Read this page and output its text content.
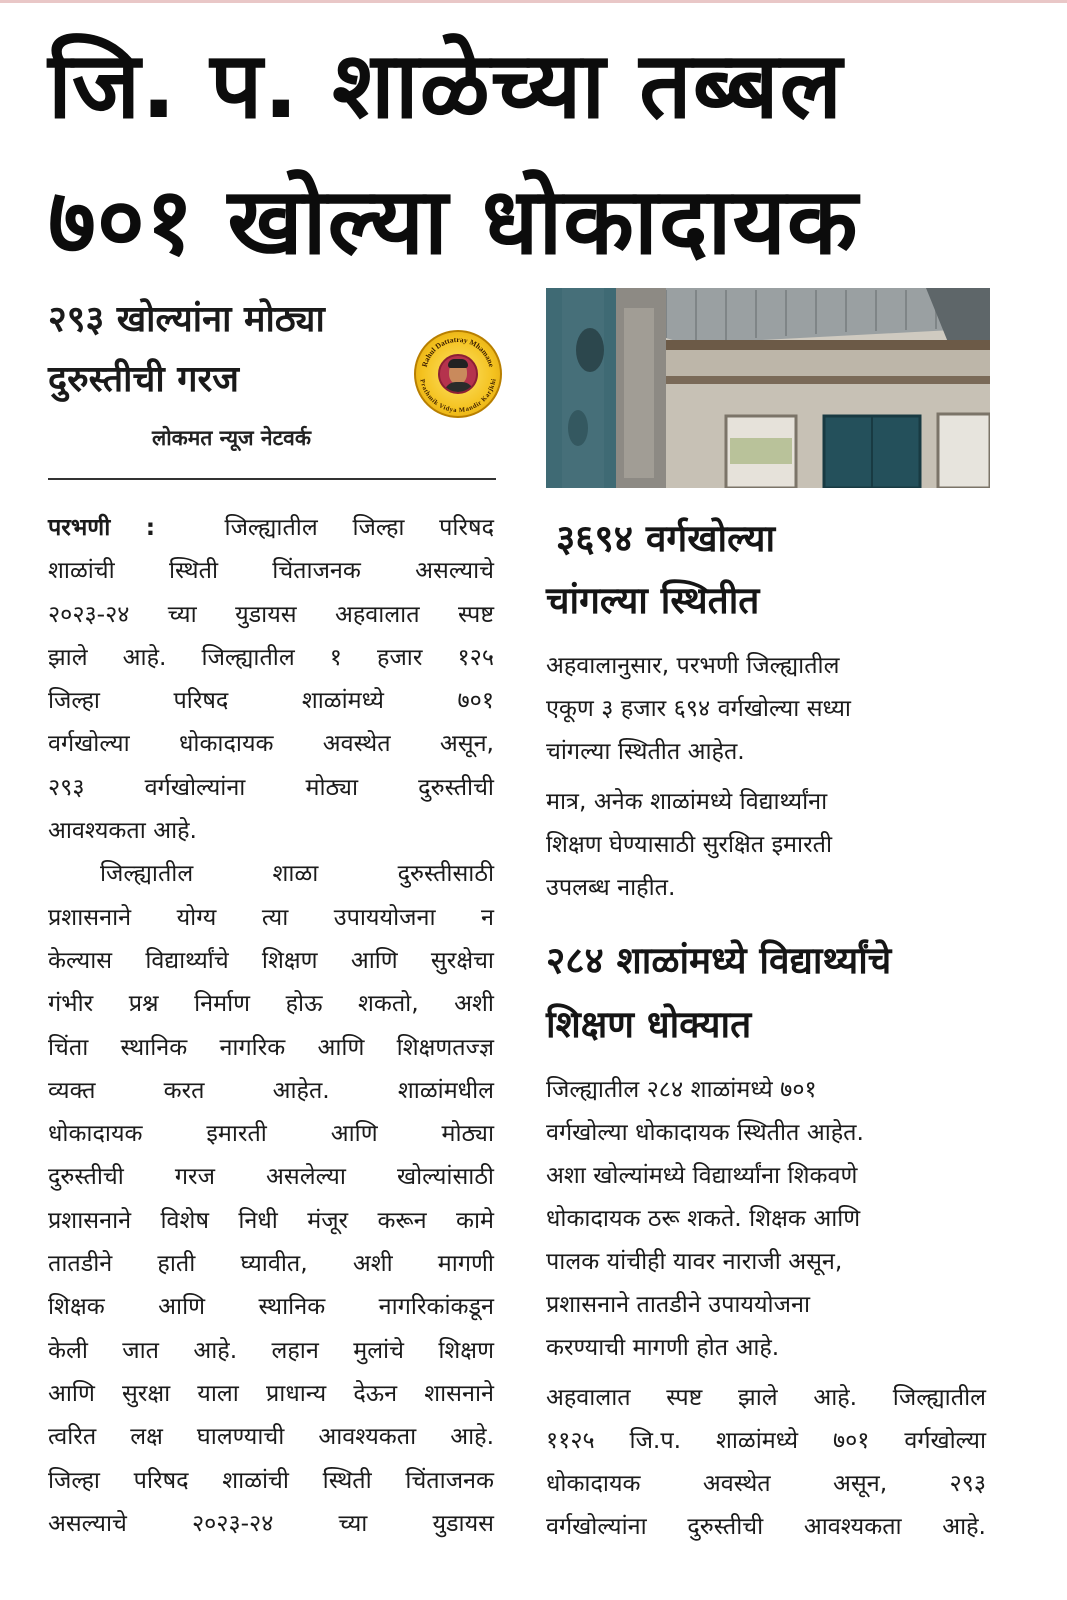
जि. प. शाळेच्या तब्बल
७०१ खोल्या धोकादायक
२९३ खोल्यांना मोठ्या
दुरुस्तीची गरज	Rahul Dattatray Mhamane
Prathmik Vidya Mandir Karjkhi
लोकमत न्यूज नेटवर्क
परभणी :	जिल्ह्यातील जिल्हा परिषद
शाळांची स्थिती चिंताजनक असल्याचे
२०२३-२४ च्या युडायस अहवालात स्पष्ट
झाले आहे. जिल्ह्यातील १ हजार १२५
जिल्हा परिषद शाळांमध्ये ७०१
वर्गखोल्या धोकादायक अवस्थेत असून,
२९३ वर्गखोल्यांना मोठ्या दुरुस्तीची
आवश्यकता आहे.
जिल्ह्यातील शाळा दुरुस्तीसाठी
प्रशासनाने योग्य त्या उपाययोजना न
केल्यास विद्यार्थ्यांचे शिक्षण आणि सुरक्षेचा
गंभीर प्रश्न निर्माण होऊ शकतो, अशी
चिंता स्थानिक नागरिक आणि शिक्षणतज्ज्ञ
व्यक्त करत आहेत. शाळांमधील
धोकादायक इमारती आणि मोठ्या
दुरुस्तीची गरज असलेल्या खोल्यांसाठी
प्रशासनाने विशेष निधी मंजूर करून कामे
तातडीने हाती घ्यावीत, अशी मागणी
शिक्षक आणि स्थानिक नागरिकांकडून
केली जात आहे. लहान मुलांचे शिक्षण
आणि सुरक्षा याला प्राधान्य देऊन शासनाने
त्वरित लक्ष घालण्याची आवश्यकता आहे.
जिल्हा परिषद शाळांची स्थिती चिंताजनक
असल्याचे २०२३-२४ च्या युडायस
३६९४ वर्गखोल्या
चांगल्या स्थितीत
अहवालानुसार, परभणी जिल्ह्यातील
एकूण ३ हजार ६९४ वर्गखोल्या सध्या
चांगल्या स्थितीत आहेत.
मात्र, अनेक शाळांमध्ये विद्यार्थ्यांना
शिक्षण घेण्यासाठी सुरक्षित इमारती
उपलब्ध नाहीत.
२८४ शाळांमध्ये विद्यार्थ्यांचे
शिक्षण धोक्यात
जिल्ह्यातील २८४ शाळांमध्ये ७०१
वर्गखोल्या धोकादायक स्थितीत आहेत.
अशा खोल्यांमध्ये विद्यार्थ्यांना शिकवणे
धोकादायक ठरू शकते. शिक्षक आणि
पालक यांचीही यावर नाराजी असून,
प्रशासनाने तातडीने उपाययोजना
करण्याची मागणी होत आहे.
अहवालात स्पष्ट झाले आहे. जिल्ह्यातील
११२५ जि.प. शाळांमध्ये ७०१ वर्गखोल्या
धोकादायक अवस्थेत असून, २९३
वर्गखोल्यांना दुरुस्तीची आवश्यकता आहे.
